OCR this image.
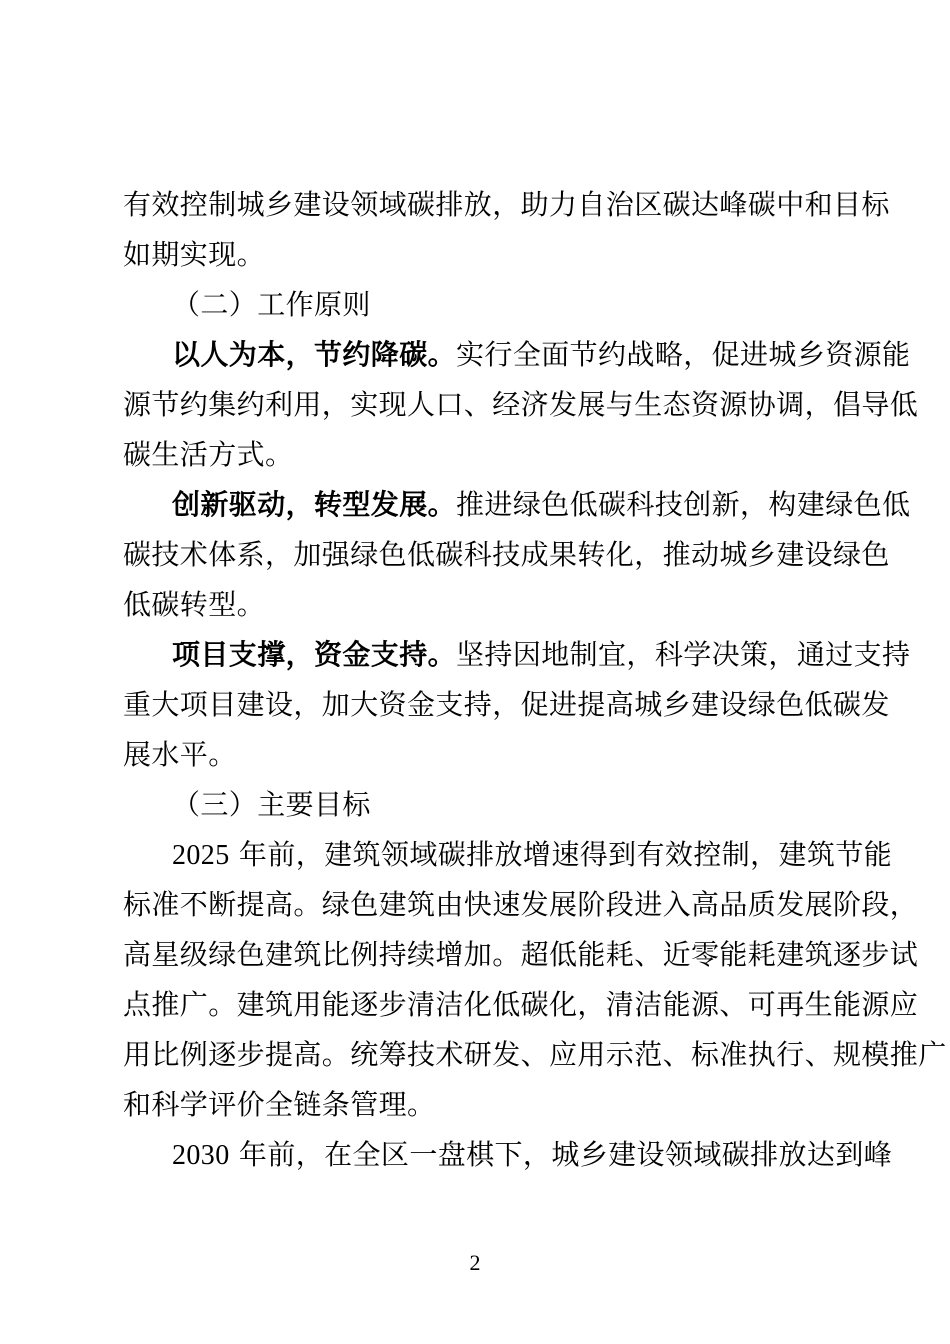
有效控制城乡建设领域碳排放，助力自治区碳达峰碳中和目标
如期实现。
（二）工作原则
以人为本，节约降碳。实行全面节约战略，促进城乡资源能
源节约集约利用，实现人口、经济发展与生态资源协调，倡导低
碳生活方式。
创新驱动，转型发展。推进绿色低碳科技创新，构建绿色低
碳技术体系，加强绿色低碳科技成果转化，推动城乡建设绿色
低碳转型。
项目支撑，资金支持。坚持因地制宜，科学决策，通过支持
重大项目建设，加大资金支持，促进提高城乡建设绿色低碳发
展水平。
（三）主要目标
2025 年前，建筑领域碳排放增速得到有效控制，建筑节能
标准不断提高。绿色建筑由快速发展阶段进入高品质发展阶段，
高星级绿色建筑比例持续增加。超低能耗、近零能耗建筑逐步试
点推广。建筑用能逐步清洁化低碳化，清洁能源、可再生能源应
用比例逐步提高。统筹技术研发、应用示范、标准执行、规模推广
和科学评价全链条管理。
2030 年前，在全区一盘棋下，城乡建设领域碳排放达到峰
2
